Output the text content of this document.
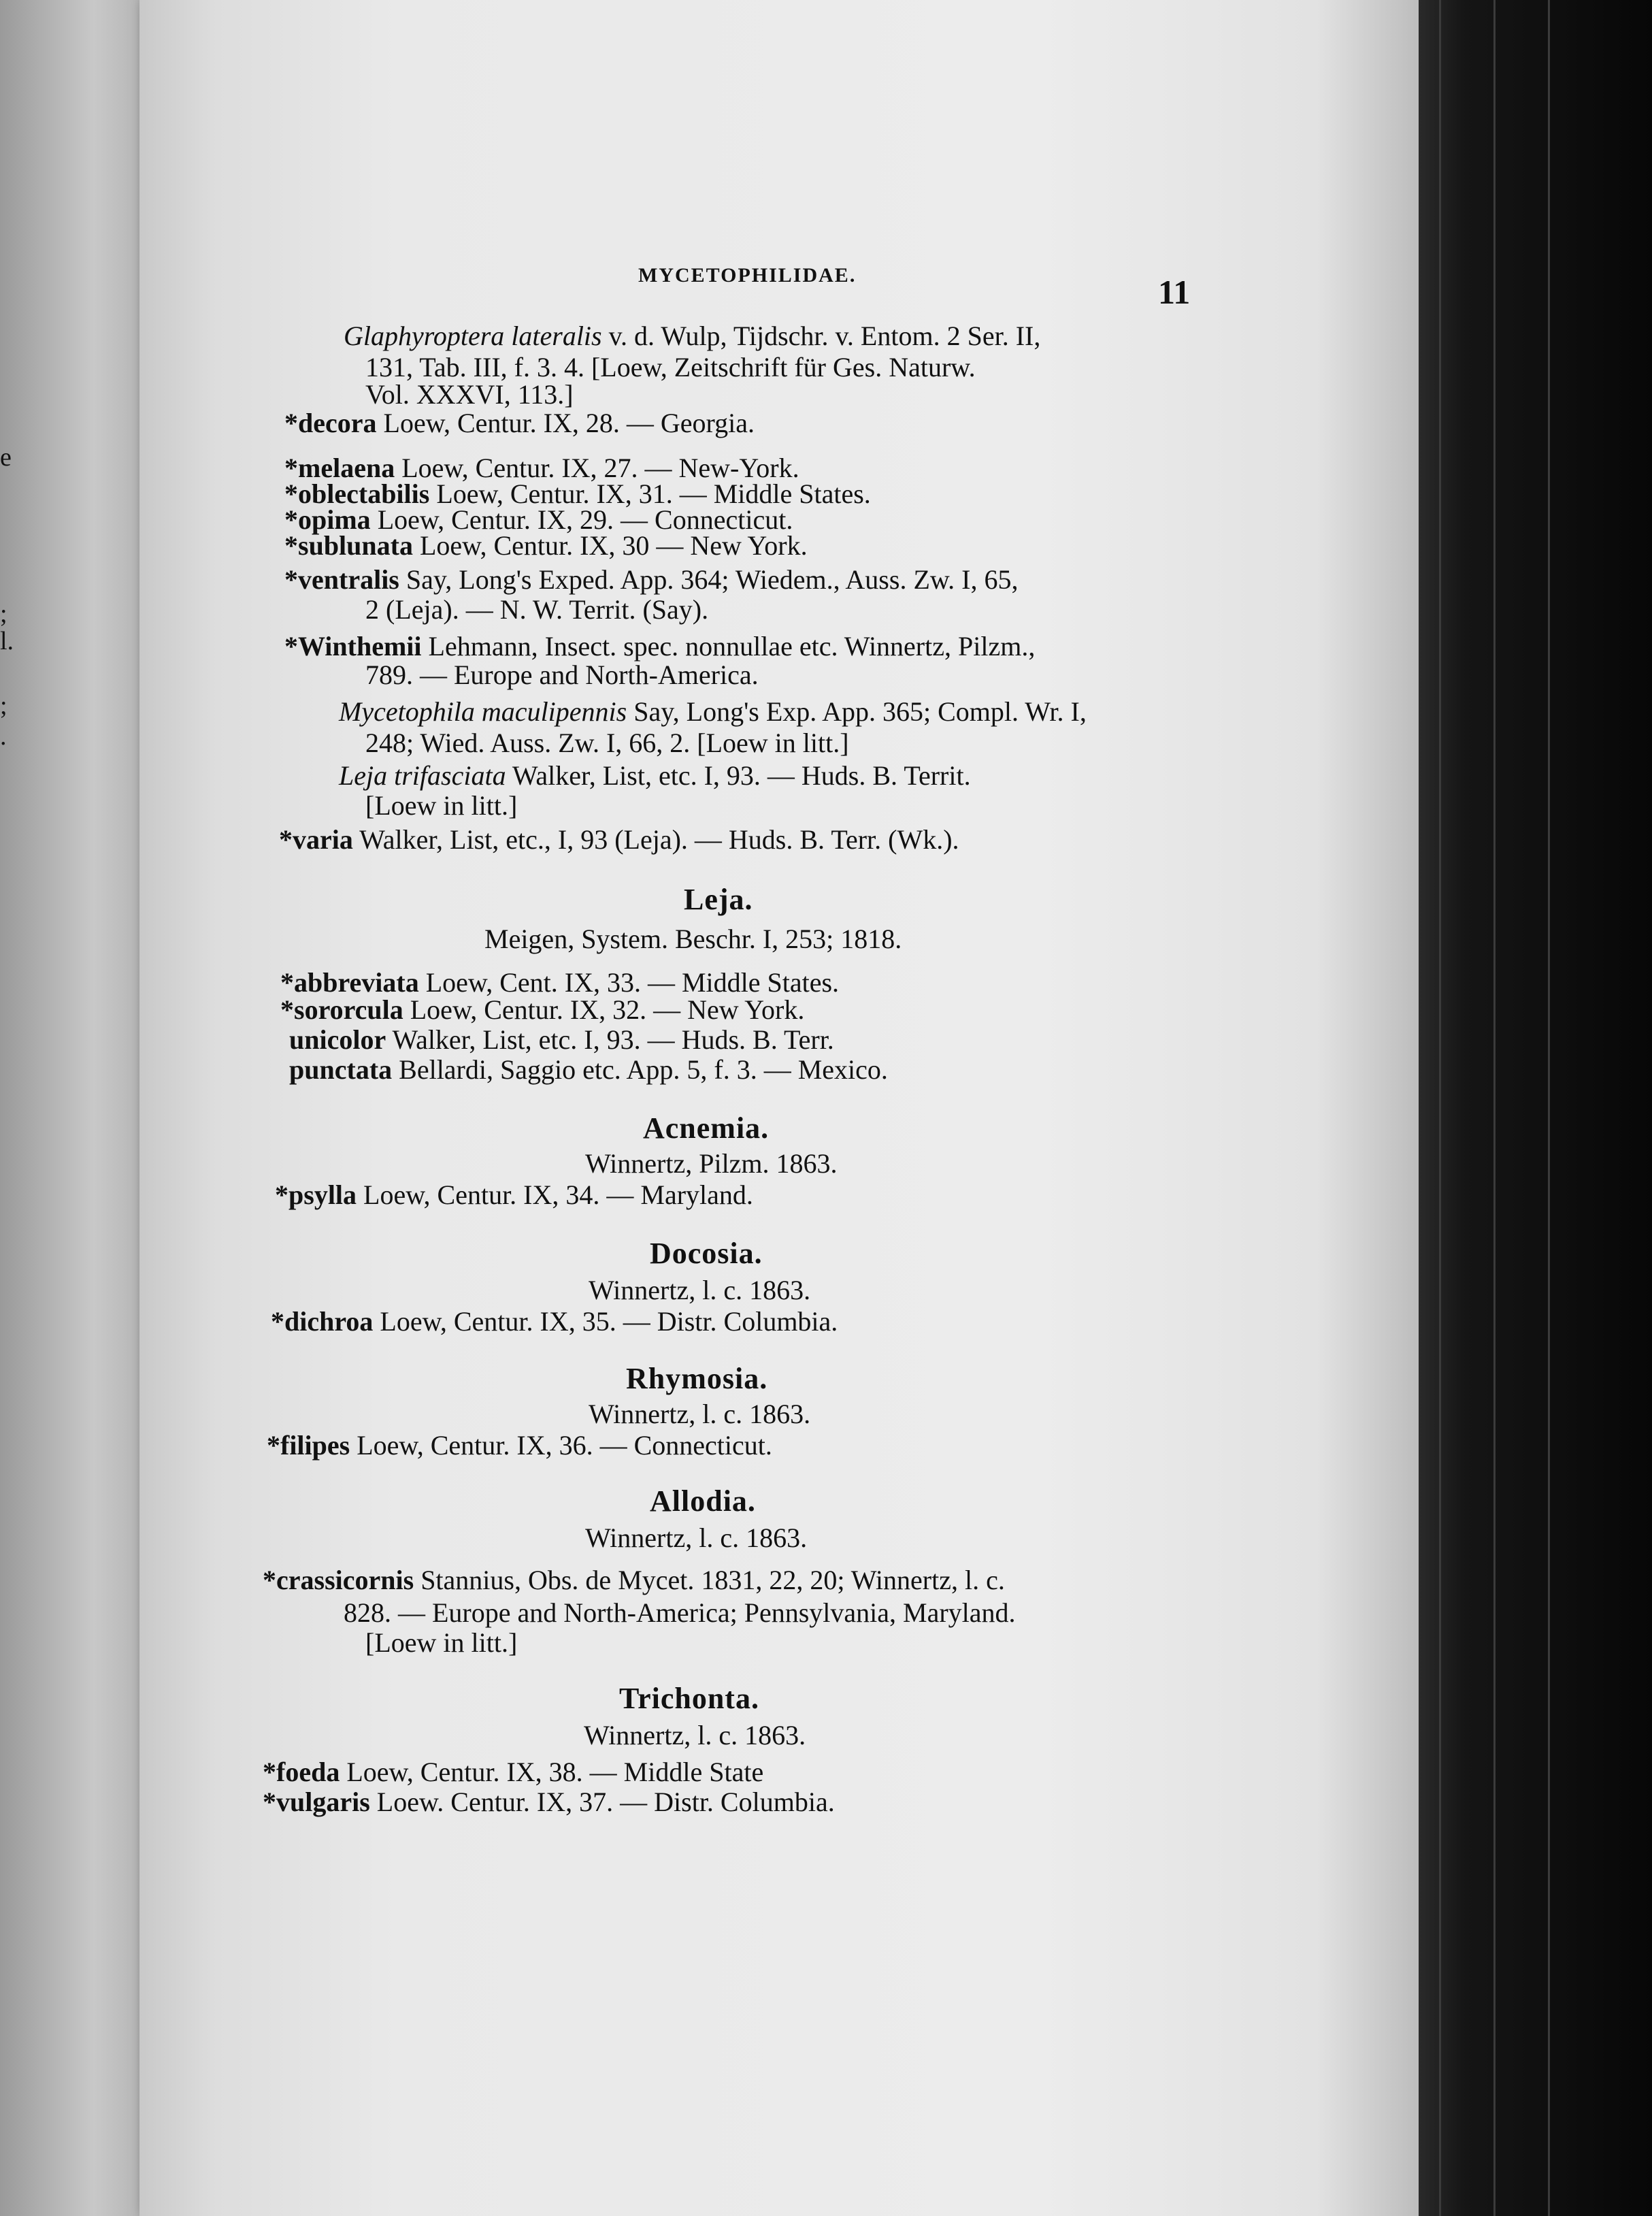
e
;
l.
;
.
MYCETOPHILIDAE.	11
Glaphyroptera lateralis v. d. Wulp, Tijdschr. v. Entom. 2 Ser. II,
131, Tab. III, f. 3. 4. [Loew, Zeitschrift für Ges. Naturw.
Vol. XXXVI, 113.]
*decora Loew, Centur. IX, 28. — Georgia.
*melaena Loew, Centur. IX, 27. — New-York.
*oblectabilis Loew, Centur. IX, 31. — Middle States.
*opima Loew, Centur. IX, 29. — Connecticut.
*sublunata Loew, Centur. IX, 30 — New York.
*ventralis Say, Long's Exped. App. 364; Wiedem., Auss. Zw. I, 65,
2 (Leja). — N. W. Territ. (Say).
*Winthemii Lehmann, Insect. spec. nonnullae etc. Winnertz, Pilzm.,
789. — Europe and North-America.
Mycetophila maculipennis Say, Long's Exp. App. 365; Compl. Wr. I,
248; Wied. Auss. Zw. I, 66, 2. [Loew in litt.]
Leja trifasciata Walker, List, etc. I, 93. — Huds. B. Territ.
[Loew in litt.]
*varia Walker, List, etc., I, 93 (Leja). — Huds. B. Terr. (Wk.).
Leja.
Meigen, System. Beschr. I, 253; 1818.
*abbreviata Loew, Cent. IX, 33. — Middle States.
*sororcula Loew, Centur. IX, 32. — New York.
unicolor Walker, List, etc. I, 93. — Huds. B. Terr.
punctata Bellardi, Saggio etc. App. 5, f. 3. — Mexico.
Acnemia.
Winnertz, Pilzm. 1863.
*psylla Loew, Centur. IX, 34. — Maryland.
Docosia.
Winnertz, l. c. 1863.
*dichroa Loew, Centur. IX, 35. — Distr. Columbia.
Rhymosia.
Winnertz, l. c. 1863.
*filipes Loew, Centur. IX, 36. — Connecticut.
Allodia.
Winnertz, l. c. 1863.
*crassicornis Stannius, Obs. de Mycet. 1831, 22, 20; Winnertz, l. c.
828. — Europe and North-America; Pennsylvania, Maryland.
[Loew in litt.]
Trichonta.
Winnertz, l. c. 1863.
*foeda Loew, Centur. IX, 38. — Middle State
*vulgaris Loew. Centur. IX, 37. — Distr. Columbia.
